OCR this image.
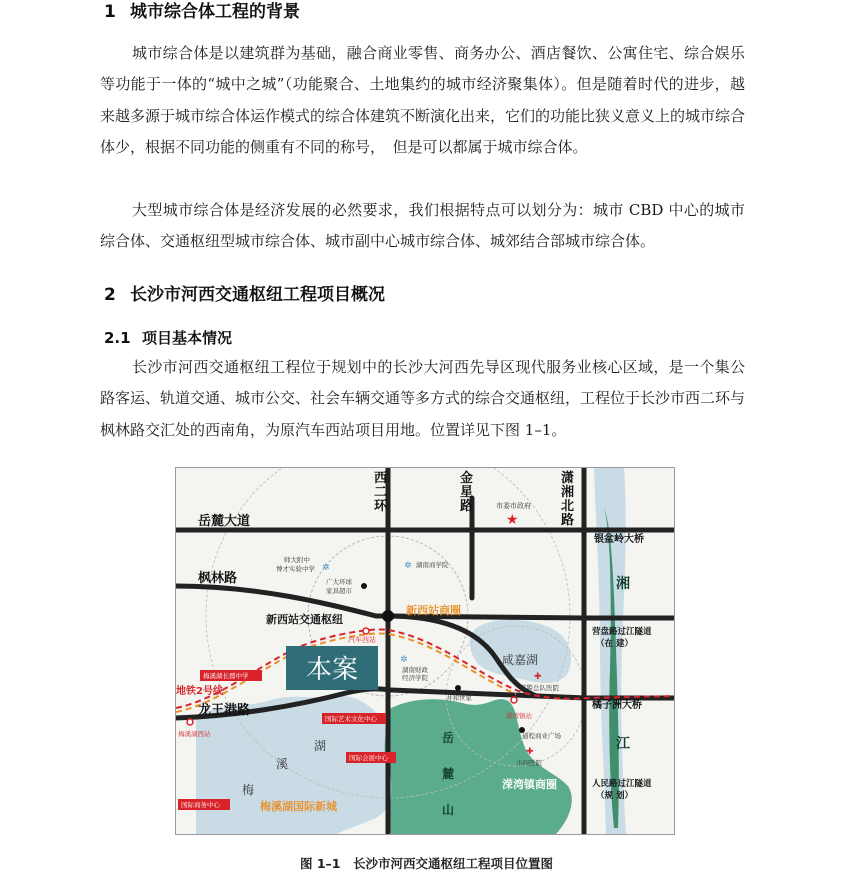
1 城市综合体工程的背景

城市综合体是以建筑群为基础，融合商业零售、商务办公、酒店餐饮、公寓住宅、综合娱乐等功能于一体的“城中之城”（功能聚合、土地集约的城市经济聚集体）。但是随着时代的进步，越来越多源于城市综合体运作模式的综合体建筑不断演化出来，它们的功能比狭义意义上的城市综合体少，根据不同功能的侧重有不同的称号，　但是可以都属于城市综合体。

大型城市综合体是经济发展的必然要求，我们根据特点可以划分为：城市 CBD 中心的城市综合体、交通枢纽型城市综合体、城市副中心城市综合体、城郊结合部城市综合体。

2 长沙市河西交通枢纽工程项目概况
2.1 项目基本情况

长沙市河西交通枢纽工程位于规划中的长沙大河西先导区现代服务业核心区域，是一个集公路客运、轨道交通、城市公交、社会车辆交通等多方式的综合交通枢纽，工程位于长沙市西二环与枫林路交汇处的西南角，为原汽车西站项目用地。位置详见下图 1–1。

本案
岳麓大道
枫林路
龙王港路
西
二
环
金
星
路
潇
湘
北
路
银盆岭大桥
橘子洲大桥
营盘路过江隧道
（在 建）
人民路过江隧道
（规 划）
湘
江
新西站交通枢纽
新西站商圈
汽车西站
市委市政府
★
师大附中
博才实验中学 ✲	✲ 湖南商学院
广大环球
家具超市
✲
湖南财政
经济学院
咸嘉湖
✚
武警总队医院
井和世家
溁湾镇站
通程商业广场
✚
市四医院
岳
麓
山
溁湾镇商圈
梅
溪
湖
梅溪湖国际新城
地铁2号线
梅溪湖西站
梅溪湖长郡中学
国际艺术文化中心
国际会展中心
国际商务中心

图 1–1　长沙市河西交通枢纽工程项目位置图
